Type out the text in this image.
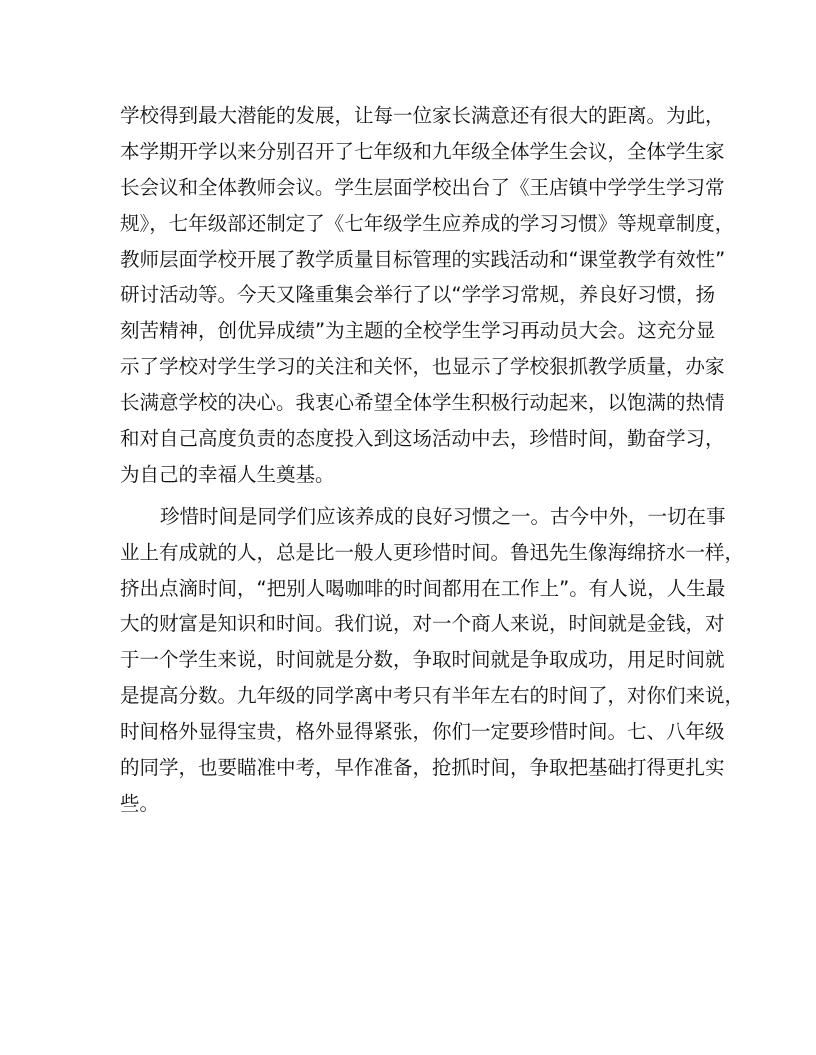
学校得到最大潜能的发展，让每一位家长满意还有很大的距离。为此，
本学期开学以来分别召开了七年级和九年级全体学生会议，全体学生家
长会议和全体教师会议。学生层面学校出台了《王店镇中学学生学习常
规》，七年级部还制定了《七年级学生应养成的学习习惯》等规章制度，
教师层面学校开展了教学质量目标管理的实践活动和“课堂教学有效性”
研讨活动等。今天又隆重集会举行了以“学学习常规，养良好习惯，扬
刻苦精神，创优异成绩”为主题的全校学生学习再动员大会。这充分显
示了学校对学生学习的关注和关怀，也显示了学校狠抓教学质量，办家
长满意学校的决心。我衷心希望全体学生积极行动起来，以饱满的热情
和对自己高度负责的态度投入到这场活动中去，珍惜时间，勤奋学习，
为自己的幸福人生奠基。
珍惜时间是同学们应该养成的良好习惯之一。古今中外，一切在事
业上有成就的人，总是比一般人更珍惜时间。鲁迅先生像海绵挤水一样，
挤出点滴时间，“把别人喝咖啡的时间都用在工作上”。有人说，人生最
大的财富是知识和时间。我们说，对一个商人来说，时间就是金钱，对
于一个学生来说，时间就是分数，争取时间就是争取成功，用足时间就
是提高分数。九年级的同学离中考只有半年左右的时间了，对你们来说，
时间格外显得宝贵，格外显得紧张，你们一定要珍惜时间。七、八年级
的同学，也要瞄准中考，早作准备，抢抓时间，争取把基础打得更扎实
些。
